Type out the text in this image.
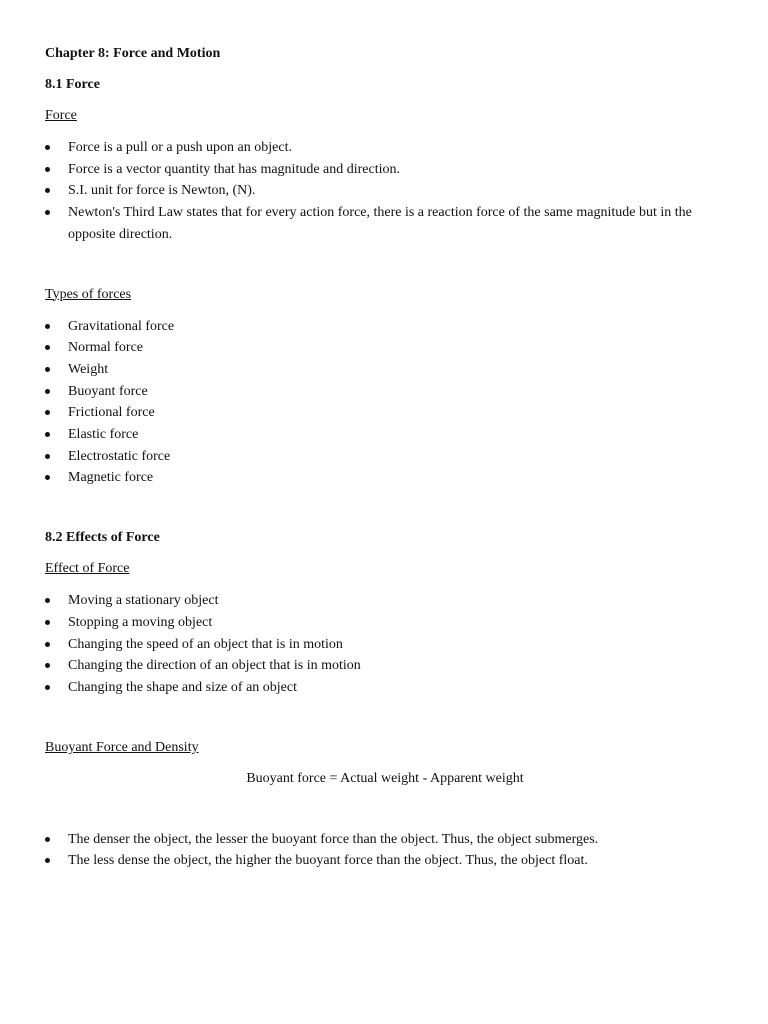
Chapter 8: Force and Motion
8.1 Force
Force
Force is a pull or a push upon an object.
Force is a vector quantity that has magnitude and direction.
S.I. unit for force is Newton, (N).
Newton's Third Law states that for every action force, there is a reaction force of the same magnitude but in the opposite direction.
Types of forces
Gravitational force
Normal force
Weight
Buoyant force
Frictional force
Elastic force
Electrostatic force
Magnetic force
8.2 Effects of Force
Effect of Force
Moving a stationary object
Stopping a moving object
Changing the speed of an object that is in motion
Changing the direction of an object that is in motion
Changing the shape and size of an object
Buoyant Force and Density
Buoyant force = Actual weight - Apparent weight
The denser the object, the lesser the buoyant force than the object. Thus, the object submerges.
The less dense the object, the higher the buoyant force than the object. Thus, the object float.
